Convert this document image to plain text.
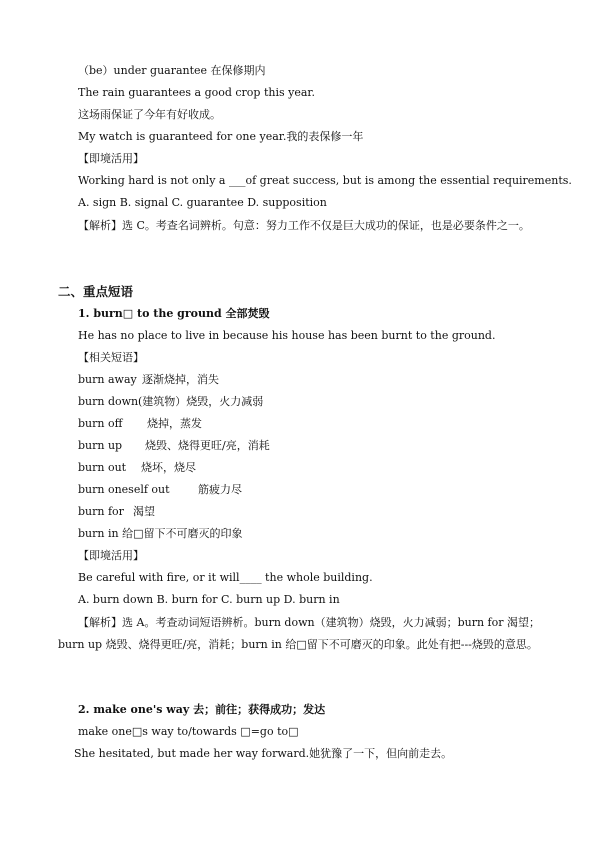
（be）under guarantee 在保修期内
The rain guarantees a good crop this year.
这场雨保证了今年有好收成。
My watch is guaranteed for one year.我的表保修一年
【即境活用】
Working hard is not only a ___of great success, but is among the essential requirements.
A. sign B. signal C. guarantee D. supposition
【解析】选 C。考查名词辨析。句意：努力工作不仅是巨大成功的保证，也是必要条件之一。
二、重点短语
1. burn□ to the ground 全部焚毁
He has no place to live in because his house has been burnt to the ground.
【相关短语】
burn away 逐渐烧掉，消失
burn down (建筑物）烧毁，火力减弱
burn off 烧掉，蒸发
burn up 烧毁、烧得更旺/亮，消耗
burn out 烧坏，烧尽
burn oneself out	筋疲力尽
burn for 渴望
burn in 给□留下不可磨灭的印象
【即境活用】
Be careful with fire, or it will____ the whole building.
A. burn down B. burn for C. burn up D. burn in
【解析】选 A。考查动词短语辨析。burn down（建筑物）烧毁，火力减弱；burn for 渴望； burn up 烧毁、烧得更旺/亮，消耗；burn in 给□留下不可磨灭的印象。此处有把---烧毁的意思。
2. make one's way 去；前往；获得成功；发达
make one□s way to/towards □=go to□
She hesitated, but made her way forward.她犹豫了一下，但向前走去。
